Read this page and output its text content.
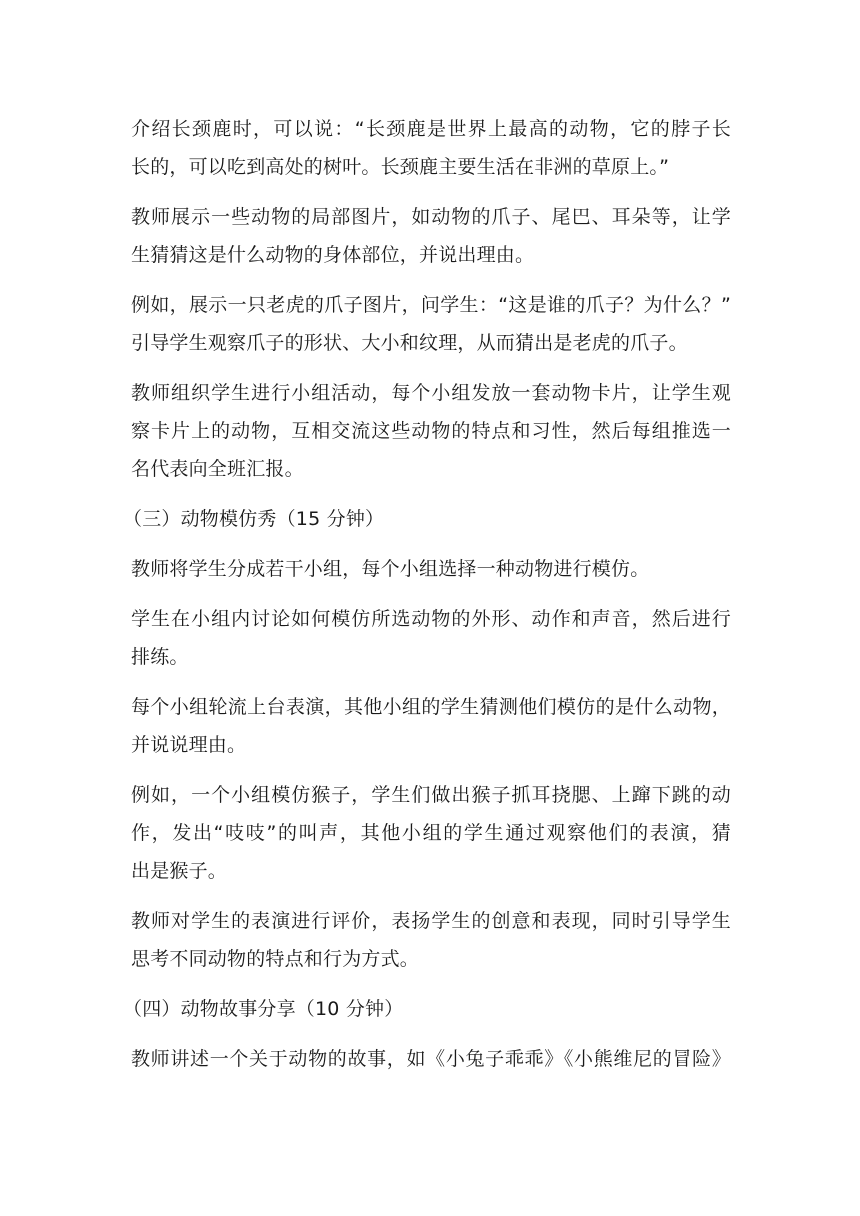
介绍长颈鹿时，可以说：“长颈鹿是世界上最高的动物，它的脖子长
长的，可以吃到高处的树叶。长颈鹿主要生活在非洲的草原上。”
教师展示一些动物的局部图片，如动物的爪子、尾巴、耳朵等，让学
生猜猜这是什么动物的身体部位，并说出理由。
例如，展示一只老虎的爪子图片，问学生：“这是谁的爪子？为什么？”
引导学生观察爪子的形状、大小和纹理，从而猜出是老虎的爪子。
教师组织学生进行小组活动，每个小组发放一套动物卡片，让学生观
察卡片上的动物，互相交流这些动物的特点和习性，然后每组推选一
名代表向全班汇报。
（三）动物模仿秀（15 分钟）
教师将学生分成若干小组，每个小组选择一种动物进行模仿。
学生在小组内讨论如何模仿所选动物的外形、动作和声音，然后进行
排练。
每个小组轮流上台表演，其他小组的学生猜测他们模仿的是什么动物，
并说说理由。
例如，一个小组模仿猴子，学生们做出猴子抓耳挠腮、上蹿下跳的动
作，发出“吱吱”的叫声，其他小组的学生通过观察他们的表演，猜
出是猴子。
教师对学生的表演进行评价，表扬学生的创意和表现，同时引导学生
思考不同动物的特点和行为方式。
（四）动物故事分享（10 分钟）
教师讲述一个关于动物的故事，如《小兔子乖乖》《小熊维尼的冒险》
